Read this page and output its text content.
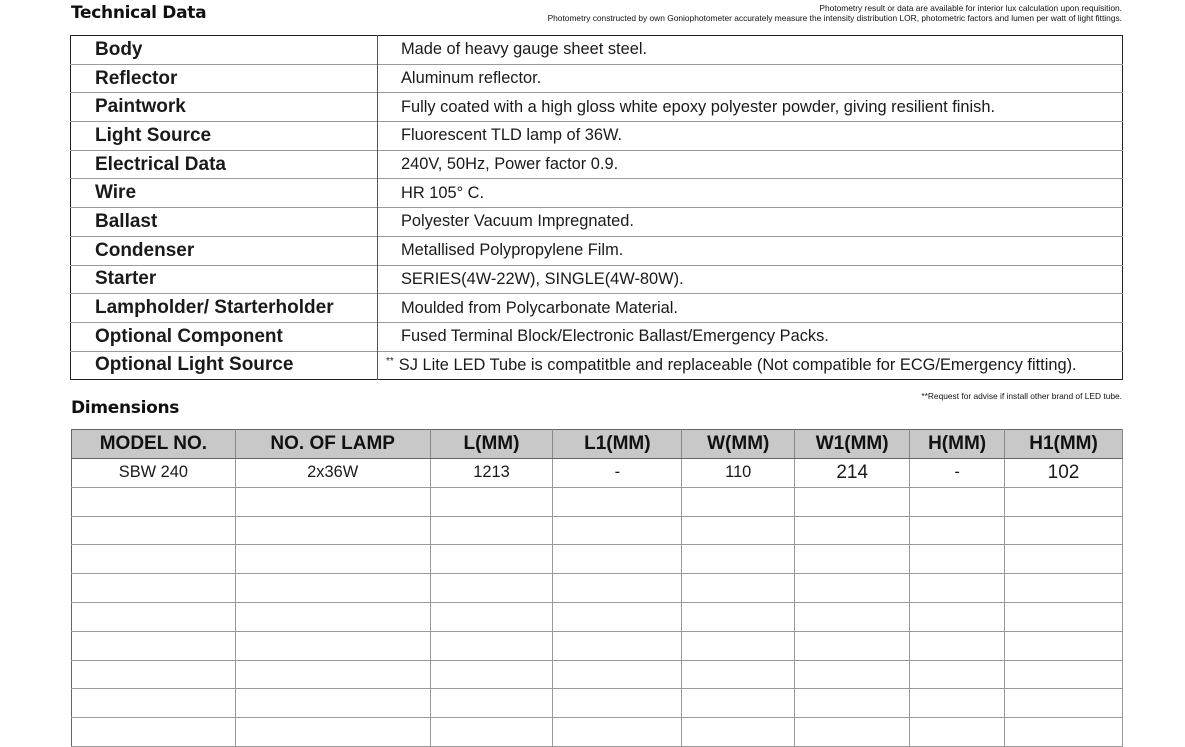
Technical Data	Photometry result or data are available for interior lux calculation upon requisition.
Photometry constructed by own Goniophotometer accurately measure the intensity distribution LOR, photometric factors and lumen per watt of light fittings.
Body	Made of heavy gauge sheet steel.
Reflector	Aluminum reflector.
Paintwork	Fully coated with a high gloss white epoxy polyester powder, giving resilient finish.
Light Source	Fluorescent TLD lamp of 36W.
Electrical Data	240V, 50Hz, Power factor 0.9.
Wire	HR 105° C.
Ballast	Polyester Vacuum Impregnated.
Condenser	Metallised Polypropylene Film.
Starter	SERIES(4W-22W), SINGLE(4W-80W).
Lampholder/ Starterholder	Moulded from Polycarbonate Material.
Optional Component	Fused Terminal Block/Electronic Ballast/Emergency Packs.
Optional Light Source	** SJ Lite LED Tube is compatitble and replaceable (Not compatible for ECG/Emergency fitting).
Dimensions
**Request for advise if install other brand of LED tube.
MODEL NO.	NO. OF LAMP	L(MM)	L1(MM)	W(MM)	W1(MM)	H(MM)	H1(MM)
SBW 240	2x36W	1213	-	110	214	-	102
